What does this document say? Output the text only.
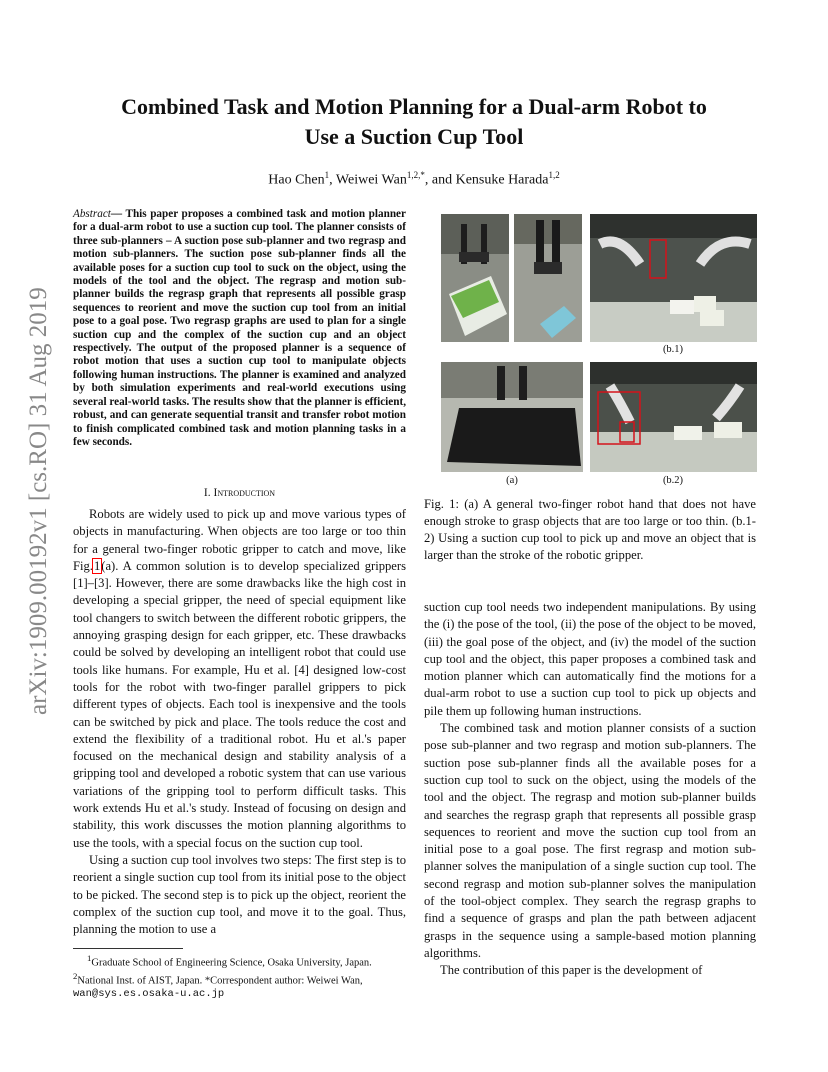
arXiv:1909.00192v1 [cs.RO] 31 Aug 2019
Combined Task and Motion Planning for a Dual-arm Robot to
Use a Suction Cup Tool
Hao Chen$^1$, Weiwei Wan$^{1,2,*}$, and Kensuke Harada$^{1,2}$
Abstract— This paper proposes a combined task and motion planner for a dual-arm robot to use a suction cup tool. The planner consists of three sub-planners – A suction pose sub-planner and two regrasp and motion sub-planners. The suction pose sub-planner finds all the available poses for a suction cup tool to suck on the object, using the models of the tool and the object. The regrasp and motion sub-planner builds the regrasp graph that represents all possible grasp sequences to reorient and move the suction cup tool from an initial pose to a goal pose. Two regrasp graphs are used to plan for a single suction cup and the complex of the suction cup and an object respectively. The output of the proposed planner is a sequence of robot motion that uses a suction cup tool to manipulate objects following human instructions. The planner is examined and analyzed by both simulation experiments and real-world executions using several real-world tasks. The results show that the planner is efficient, robust, and can generate sequential transit and transfer robot motion to finish complicated combined task and motion planning tasks in a few seconds.
I. Introduction

Robots are widely used to pick up and move various types of objects in manufacturing. When objects are too large or too thin for a general two-finger robotic gripper to catch and move, like Fig.1(a). A common solution is to develop specialized grippers [1]–[3]. However, there are some drawbacks like the high cost in developing a special gripper, the need of special equipment like tool changers to switch between the different robotic grippers, the annoying grasping design for each gripper, etc. These drawbacks could be solved by developing an intelligent robot that could use tools like humans. For example, Hu et al. [4] designed low-cost tools for the robot with two-finger parallel grippers to pick different types of objects. Each tool is inexpensive and the tools can be switched by pick and place. The tools reduce the cost and extend the flexibility of a traditional robot. Hu et al.'s paper focused on the mechanical design and stability analysis of a gripping tool and developed a robotic system that can use various variations of the gripping tool to perform difficult tasks. This work extends Hu et al.'s study. Instead of focusing on design and stability, this work discusses the motion planning algorithms to use the tools, with a special focus on the suction cup tool.

Using a suction cup tool involves two steps: The first step is to reorient a single suction cup tool from its initial pose to the object to be picked. The second step is to pick up the object, reorient the complex of the suction cup tool, and move it to the goal. Thus, planning the motion to use a

$^1$Graduate School of Engineering Science, Osaka University, Japan.

$^2$National Inst. of AIST, Japan. *Correspondent author: Weiwei Wan,

wan@sys.es.osaka-u.ac.jp

(b.1)
(a)	(b.2)
Fig. 1: (a) A general two-finger robot hand that does not have enough stroke to grasp objects that are too large or too thin. (b.1-2) Using a suction cup tool to pick up and move an object that is larger than the stroke of the robotic gripper.

suction cup tool needs two independent manipulations. By using the (i) the pose of the tool, (ii) the pose of the object to be moved, (iii) the goal pose of the object, and (iv) the model of the suction cup tool and the object, this paper proposes a combined task and motion planner which can automatically find the motions for a dual-arm robot to use a suction cup tool to pick up objects and pile them up following human instructions.

The combined task and motion planner consists of a suction pose sub-planner and two regrasp and motion sub-planners. The suction pose sub-planner finds all the available poses for a suction cup tool to suck on the object, using the models of the tool and the object. The regrasp and motion sub-planner builds and searches the regrasp graph that represents all possible grasp sequences to reorient and move the suction cup tool from an initial pose to a goal pose. The first regrasp and motion sub-planner solves the manipulation of a single suction cup tool. The second regrasp and motion sub-planner solves the manipulation of the tool-object complex. They search the regrasp graphs to find a sequence of grasps and plan the path between adjacent grasps in the sequence using a sample-based motion planning algorithms.

The contribution of this paper is the development of
